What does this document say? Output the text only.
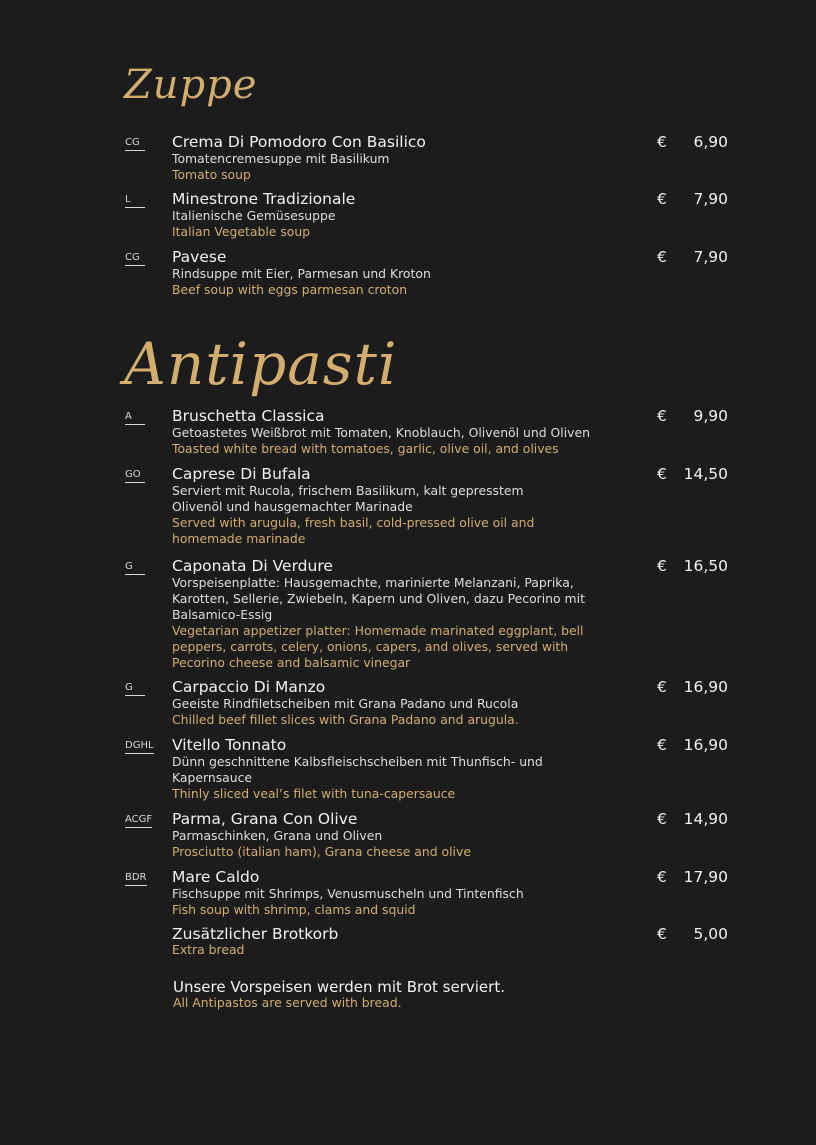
Zuppe
CG	Crema Di Pomodoro Con Basilico
Tomatencremesuppe mit Basilikum
Tomato soup
€	6,90
L	Minestrone Tradizionale
Italienische Gemüsesuppe
Italian Vegetable soup
€	7,90
CG	Pavese
Rindsuppe mit Eier, Parmesan und Kroton
Beef soup with eggs parmesan croton
€	7,90
Antipasti
A	Bruschetta Classica
Getoastetes Weißbrot mit Tomaten, Knoblauch, Olivenöl und Oliven
Toasted white bread with tomatoes, garlic, olive oil, and olives
€	9,90
GO Caprese Di Bufala
Serviert mit Rucola, frischem Basilikum, kalt gepresstem Olivenöl und hausgemachter Marinade
Served with arugula, fresh basil, cold-pressed olive oil and homemade marinade
€	14,50
G	Caponata Di Verdure
Vorspeisenplatte: Hausgemachte, marinierte Melanzani, Paprika, Karotten, Sellerie, Zwiebeln, Kapern und Oliven, dazu Pecorino mit Balsamico-Essig
Vegetarian appetizer platter: Homemade marinated eggplant, bell peppers, carrots, celery, onions, capers, and olives, served with Pecorino cheese and balsamic vinegar
€	16,50
G	Carpaccio Di Manzo
Geeiste Rindfiletscheiben mit Grana Padano und Rucola
Chilled beef fillet slices with Grana Padano and arugula.
€	16,90
DGHL Vitello Tonnato
Dünn geschnittene Kalbsfleischscheiben mit Thunfisch- und Kapernsauce
Thinly sliced veal’s filet with tuna-capersauce
€	16,90
ACGF Parma, Grana Con Olive
Parmaschinken, Grana und Oliven
Prosciutto (italian ham), Grana cheese and olive
€	14,90
BDR Mare Caldo
Fischsuppe mit Shrimps, Venusmuscheln und Tintenfisch
Fish soup with shrimp, clams and squid
€	17,90
Zusätzlicher Brotkorb
Extra bread
€	5,00
Unsere Vorspeisen werden mit Brot serviert.
All Antipastos are served with bread.
